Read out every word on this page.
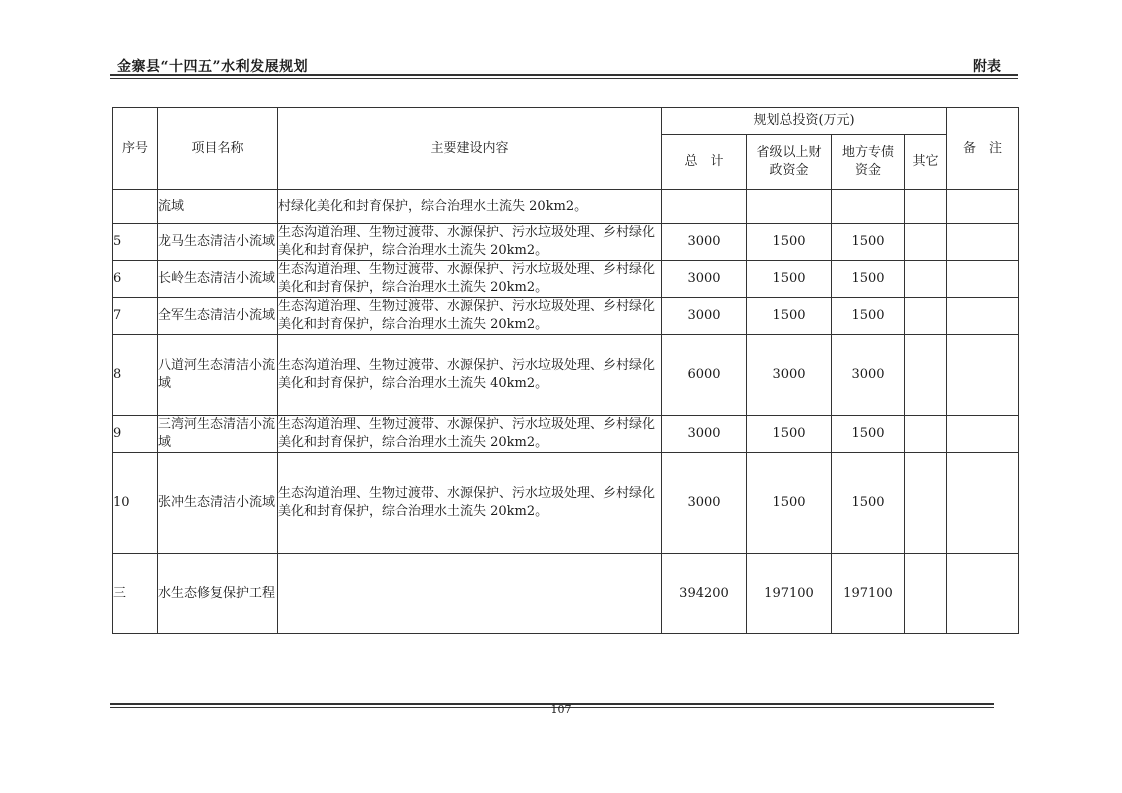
金寨县“十四五”水利发展规划	附表
序号	项目名称	主要建设内容	规划总投资(万元)				备　注
			总　计	省级以上财政资金	地方专债资金	其它	
	流域	村绿化美化和封育保护，综合治理水土流失 20km2。					
5	龙马生态清洁小流域	生态沟道治理、生物过渡带、水源保护、污水垃圾处理、乡村绿化美化和封育保护，综合治理水土流失 20km2。	3000	1500	1500		
6	长岭生态清洁小流域	生态沟道治理、生物过渡带、水源保护、污水垃圾处理、乡村绿化美化和封育保护，综合治理水土流失 20km2。	3000	1500	1500		
7	全军生态清洁小流域	生态沟道治理、生物过渡带、水源保护、污水垃圾处理、乡村绿化美化和封育保护，综合治理水土流失 20km2。	3000	1500	1500		
8	八道河生态清洁小流域	生态沟道治理、生物过渡带、水源保护、污水垃圾处理、乡村绿化美化和封育保护，综合治理水土流失 40km2。	6000	3000	3000		
9	三湾河生态清洁小流域	生态沟道治理、生物过渡带、水源保护、污水垃圾处理、乡村绿化美化和封育保护，综合治理水土流失 20km2。	3000	1500	1500		
10	张冲生态清洁小流域	生态沟道治理、生物过渡带、水源保护、污水垃圾处理、乡村绿化美化和封育保护，综合治理水土流失 20km2。	3000	1500	1500		
三	水生态修复保护工程		394200	197100	197100		
107
